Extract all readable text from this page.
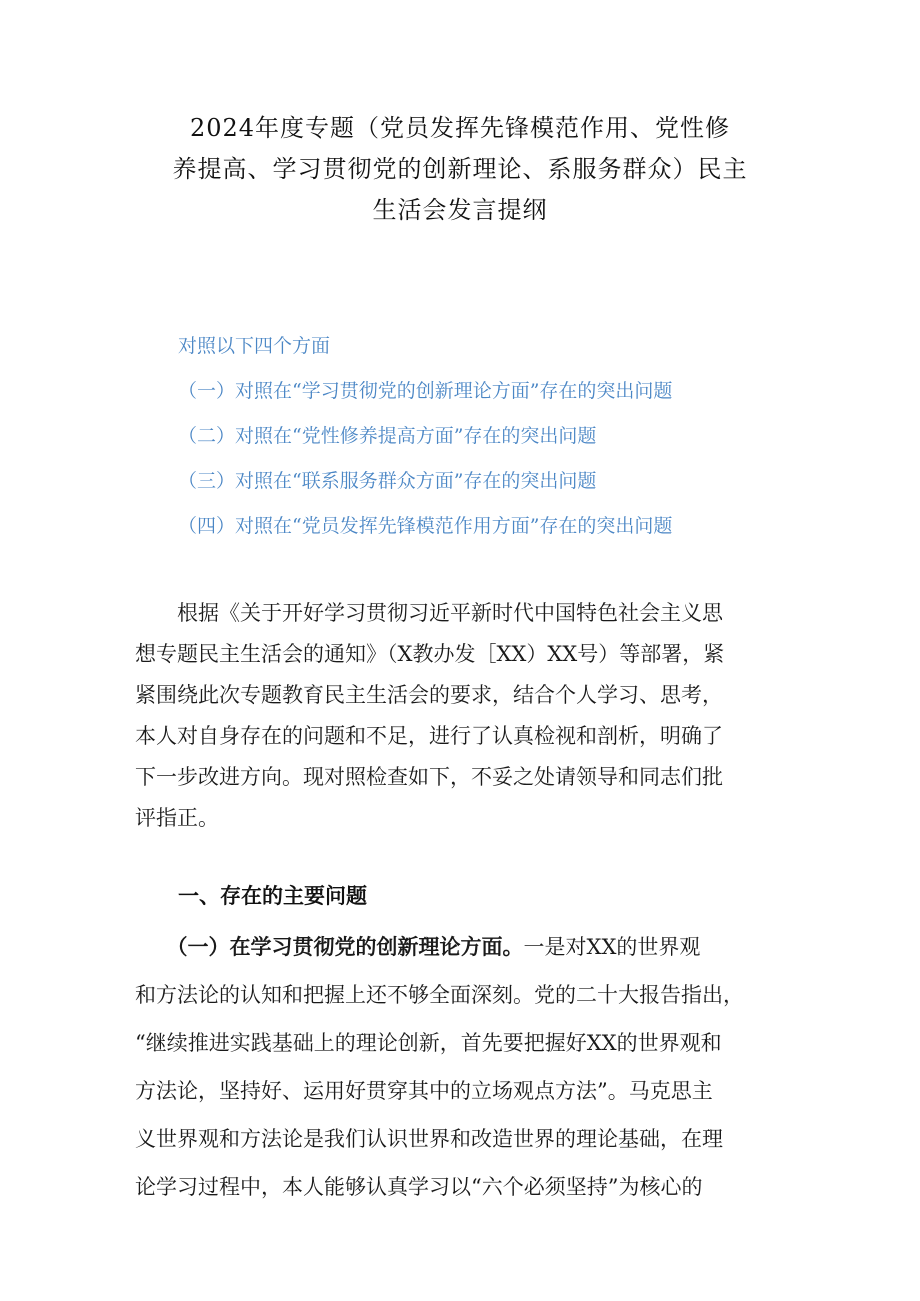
2024年度专题（党员发挥先锋模范作用、党性修
养提高、学习贯彻党的创新理论、系服务群众）民主
生活会发言提纲
对照以下四个方面
（一）对照在“学习贯彻党的创新理论方面”存在的突出问题
（二）对照在“党性修养提高方面”存在的突出问题
（三）对照在“联系服务群众方面”存在的突出问题
（四）对照在“党员发挥先锋模范作用方面”存在的突出问题
　　根据《关于开好学习贯彻习近平新时代中国特色社会主义思
想专题民主生活会的通知》（X教办发［XX）XX号）等部署，紧
紧围绕此次专题教育民主生活会的要求，结合个人学习、思考，
本人对自身存在的问题和不足，进行了认真检视和剖析，明确了
下一步改进方向。现对照检查如下，不妥之处请领导和同志们批
评指正。
一、存在的主要问题
　　（一）在学习贯彻党的创新理论方面。一是对XX的世界观
和方法论的认知和把握上还不够全面深刻。党的二十大报告指出，
“继续推进实践基础上的理论创新，首先要把握好XX的世界观和
方法论，坚持好、运用好贯穿其中的立场观点方法”。马克思主
义世界观和方法论是我们认识世界和改造世界的理论基础，在理
论学习过程中，本人能够认真学习以“六个必须坚持”为核心的
